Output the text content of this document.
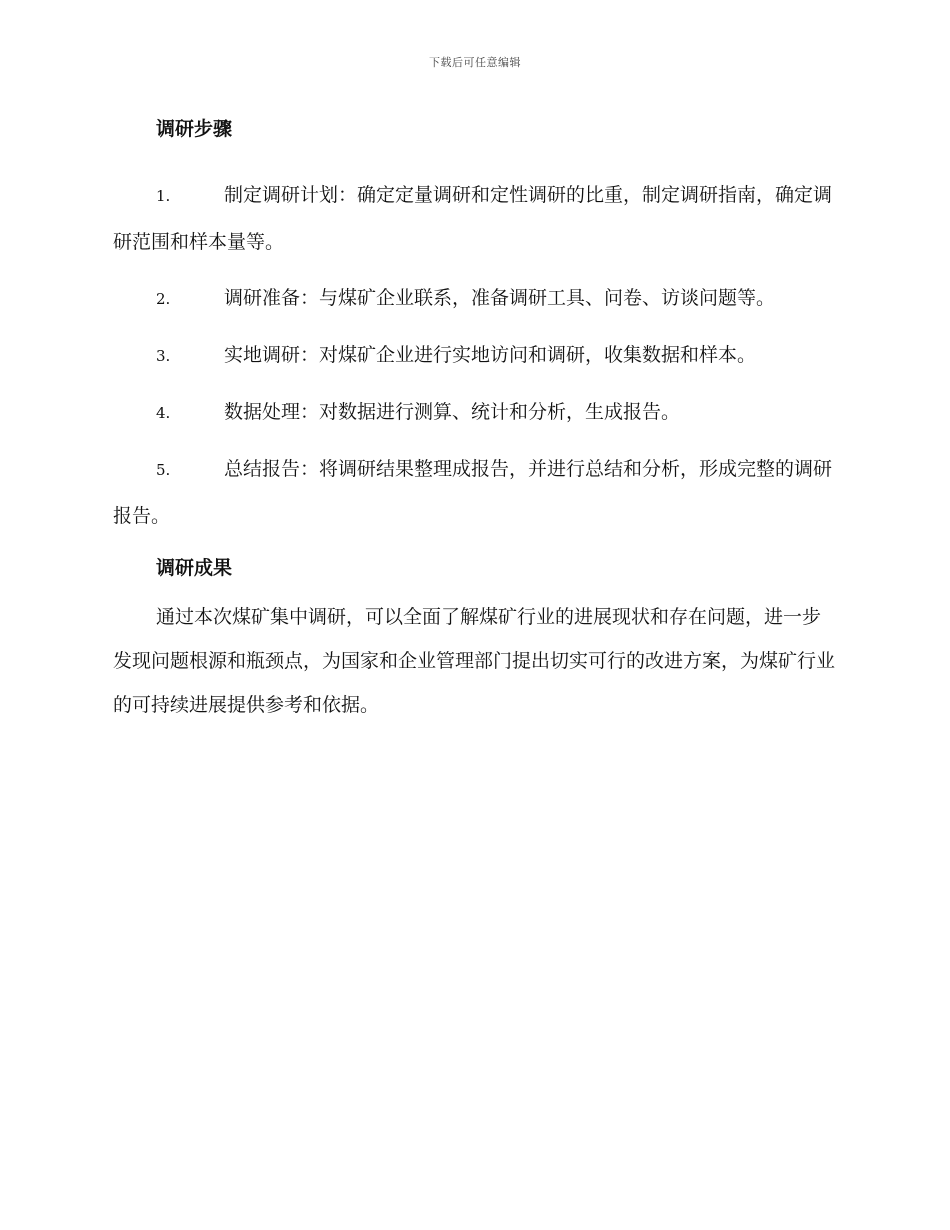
下载后可任意编辑
调研步骤
1.	制定调研计划：确定定量调研和定性调研的比重，制定调研指南，确定调研范围和样本量等。
2.	调研准备：与煤矿企业联系，准备调研工具、问卷、访谈问题等。
3.	实地调研：对煤矿企业进行实地访问和调研，收集数据和样本。
4.	数据处理：对数据进行测算、统计和分析，生成报告。
5.	总结报告：将调研结果整理成报告，并进行总结和分析，形成完整的调研报告。
调研成果

通过本次煤矿集中调研，可以全面了解煤矿行业的进展现状和存在问题，进一步发现问题根源和瓶颈点，为国家和企业管理部门提出切实可行的改进方案，为煤矿行业的可持续进展提供参考和依据。
